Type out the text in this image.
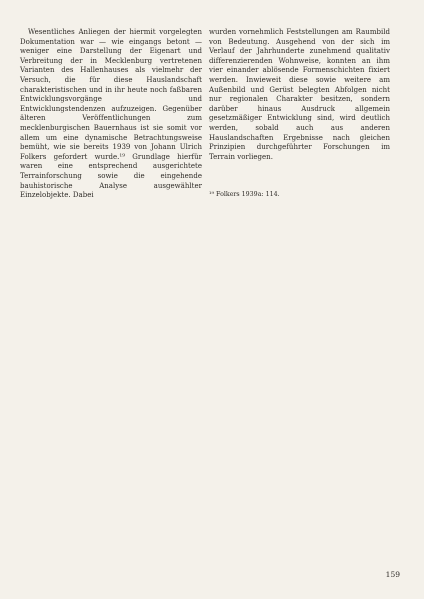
Wesentliches Anliegen der hiermit vorgelegten Dokumentation war — wie eingangs betont — weniger eine Darstellung der Eigenart und Verbreitung der in Mecklenburg vertretenen Varianten des Hallenhauses als vielmehr der Versuch, die für diese Hauslandschaft charakteristischen und in ihr heute noch faßbaren Entwicklungsvorgänge und Entwicklungstendenzen aufzuzeigen. Gegenüber älteren Veröffentlichungen zum mecklenburgischen Bauernhaus ist sie somit vor allem um eine dynamische Betrachtungsweise bemüht, wie sie bereits 1939 von Johann Ulrich Folkers gefordert wurde.¹⁹ Grundlage hierfür waren eine entsprechend ausgerichtete Terrainforschung sowie die eingehende bauhistorische Analyse ausgewählter Einzelobjekte. Dabei

wurden vornehmlich Feststellungen am Raumbild von Bedeutung. Ausgehend von der sich im Verlauf der Jahrhunderte zunehmend qualitativ differenzierenden Wohnweise, konnten an ihm vier einander ablösende Formenschichten fixiert werden. Inwieweit diese sowie weitere am Außenbild und Gerüst belegten Abfolgen nicht nur regionalen Charakter besitzen, sondern darüber hinaus Ausdruck allgemein gesetzmäßiger Entwicklung sind, wird deutlich werden, sobald auch aus anderen Hauslandschaften Ergebnisse nach gleichen Prinzipien durchgeführter Forschungen im Terrain vorliegen.

¹⁹ Folkers 1939a: 114.
159
